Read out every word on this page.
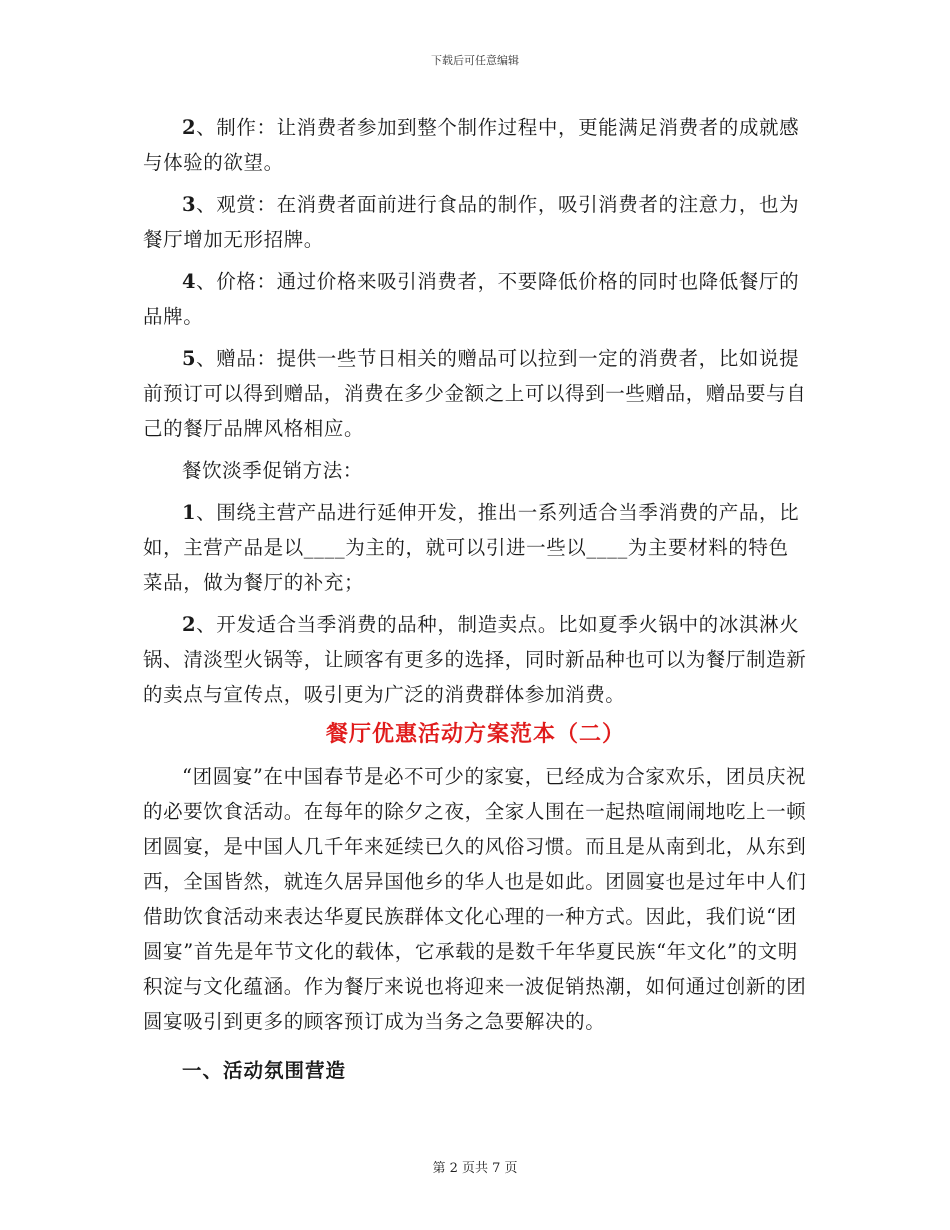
下载后可任意编辑

2、制作：让消费者参加到整个制作过程中，更能满足消费者的成就感与体验的欲望。

3、观赏：在消费者面前进行食品的制作，吸引消费者的注意力，也为餐厅增加无形招牌。

4、价格：通过价格来吸引消费者，不要降低价格的同时也降低餐厅的品牌。

5、赠品：提供一些节日相关的赠品可以拉到一定的消费者，比如说提前预订可以得到赠品，消费在多少金额之上可以得到一些赠品，赠品要与自己的餐厅品牌风格相应。

餐饮淡季促销方法：

1、围绕主营产品进行延伸开发，推出一系列适合当季消费的产品，比如，主营产品是以____为主的，就可以引进一些以____为主要材料的特色菜品，做为餐厅的补充；

2、开发适合当季消费的品种，制造卖点。比如夏季火锅中的冰淇淋火锅、清淡型火锅等，让顾客有更多的选择，同时新品种也可以为餐厅制造新的卖点与宣传点，吸引更为广泛的消费群体参加消费。

餐厅优惠活动方案范本（二）

“团圆宴”在中国春节是必不可少的家宴，已经成为合家欢乐，团员庆祝的必要饮食活动。在每年的除夕之夜，全家人围在一起热喧闹闹地吃上一顿团圆宴，是中国人几千年来延续已久的风俗习惯。而且是从南到北，从东到西，全国皆然，就连久居异国他乡的华人也是如此。团圆宴也是过年中人们借助饮食活动来表达华夏民族群体文化心理的一种方式。因此，我们说“团圆宴”首先是年节文化的载体，它承载的是数千年华夏民族“年文化”的文明积淀与文化蕴涵。作为餐厅来说也将迎来一波促销热潮，如何通过创新的团圆宴吸引到更多的顾客预订成为当务之急要解决的。

一、活动氛围营造
第 2 页共 7 页
